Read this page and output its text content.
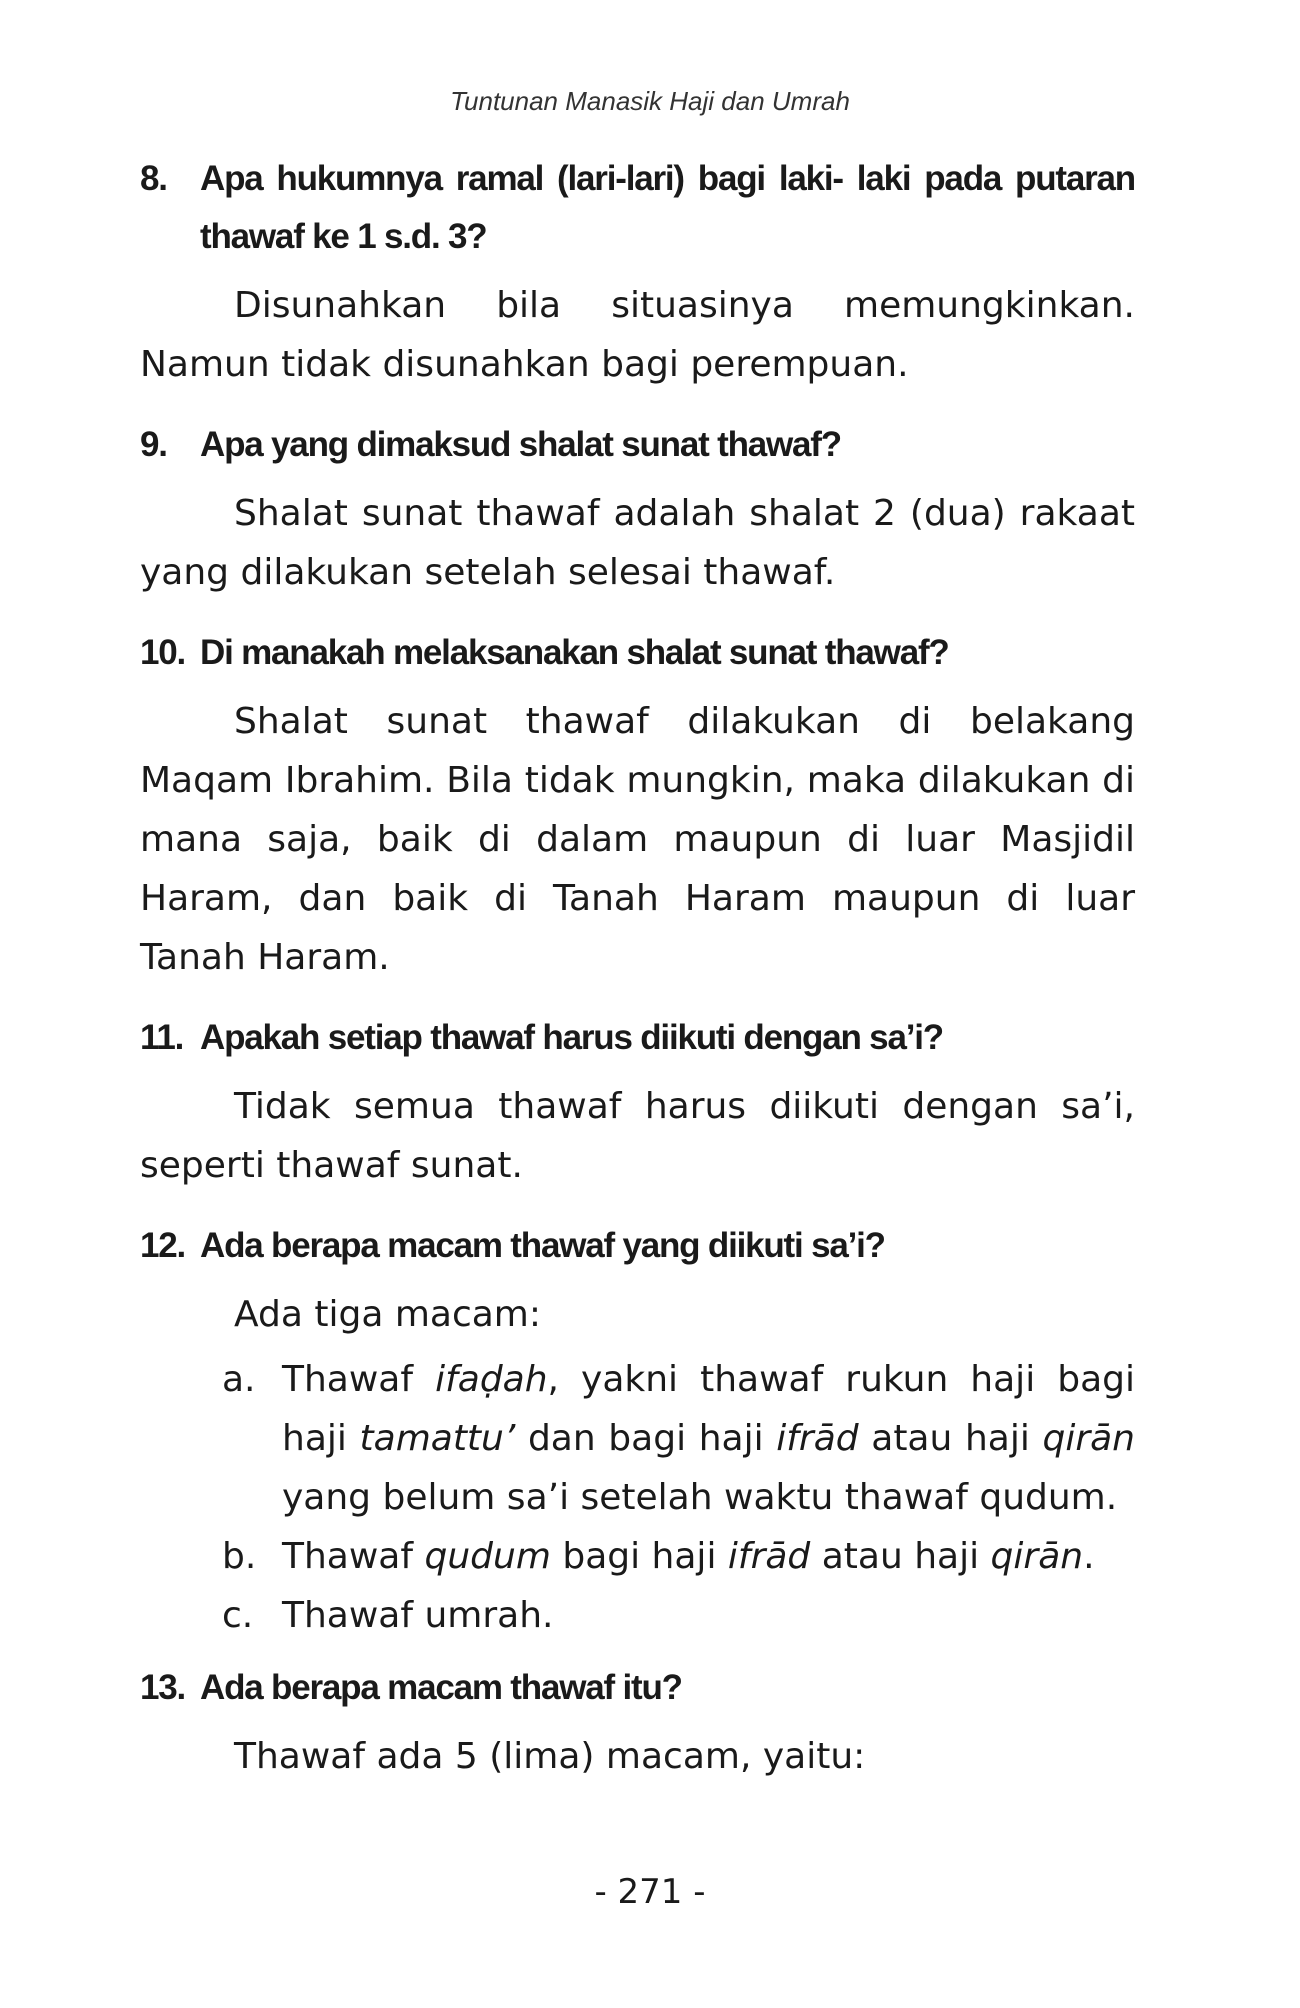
Tuntunan Manasik Haji dan Umrah
8. Apa hukumnya ramal (lari-lari) bagi laki- laki pada putaran thawaf ke 1 s.d. 3?

Disunahkan bila situasinya memungkinkan. Namun tidak disunahkan bagi perempuan.

9. Apa yang dimaksud shalat sunat thawaf?

Shalat sunat thawaf adalah shalat 2 (dua) rakaat yang dilakukan setelah selesai thawaf.

10. Di manakah melaksanakan shalat sunat thawaf?

Shalat sunat thawaf dilakukan di belakang Maqam Ibrahim. Bila tidak mungkin, maka dilakukan di mana saja, baik di dalam maupun di luar Masjidil Haram, dan baik di Tanah Haram maupun di luar Tanah Haram.

11. Apakah setiap thawaf harus diikuti dengan sa’i?

Tidak semua thawaf harus diikuti dengan sa’i, seperti thawaf sunat.

12. Ada berapa macam thawaf yang diikuti sa’i?

Ada tiga macam:

a. Thawaf ifaḍah, yakni thawaf rukun haji bagi haji tamattu’ dan bagi haji ifrād atau haji qirān yang belum sa’i setelah waktu thawaf qudum.
b. Thawaf qudum bagi haji ifrād atau haji qirān.
c. Thawaf umrah.
13. Ada berapa macam thawaf itu?

Thawaf ada 5 (lima) macam, yaitu:

- 271 -
